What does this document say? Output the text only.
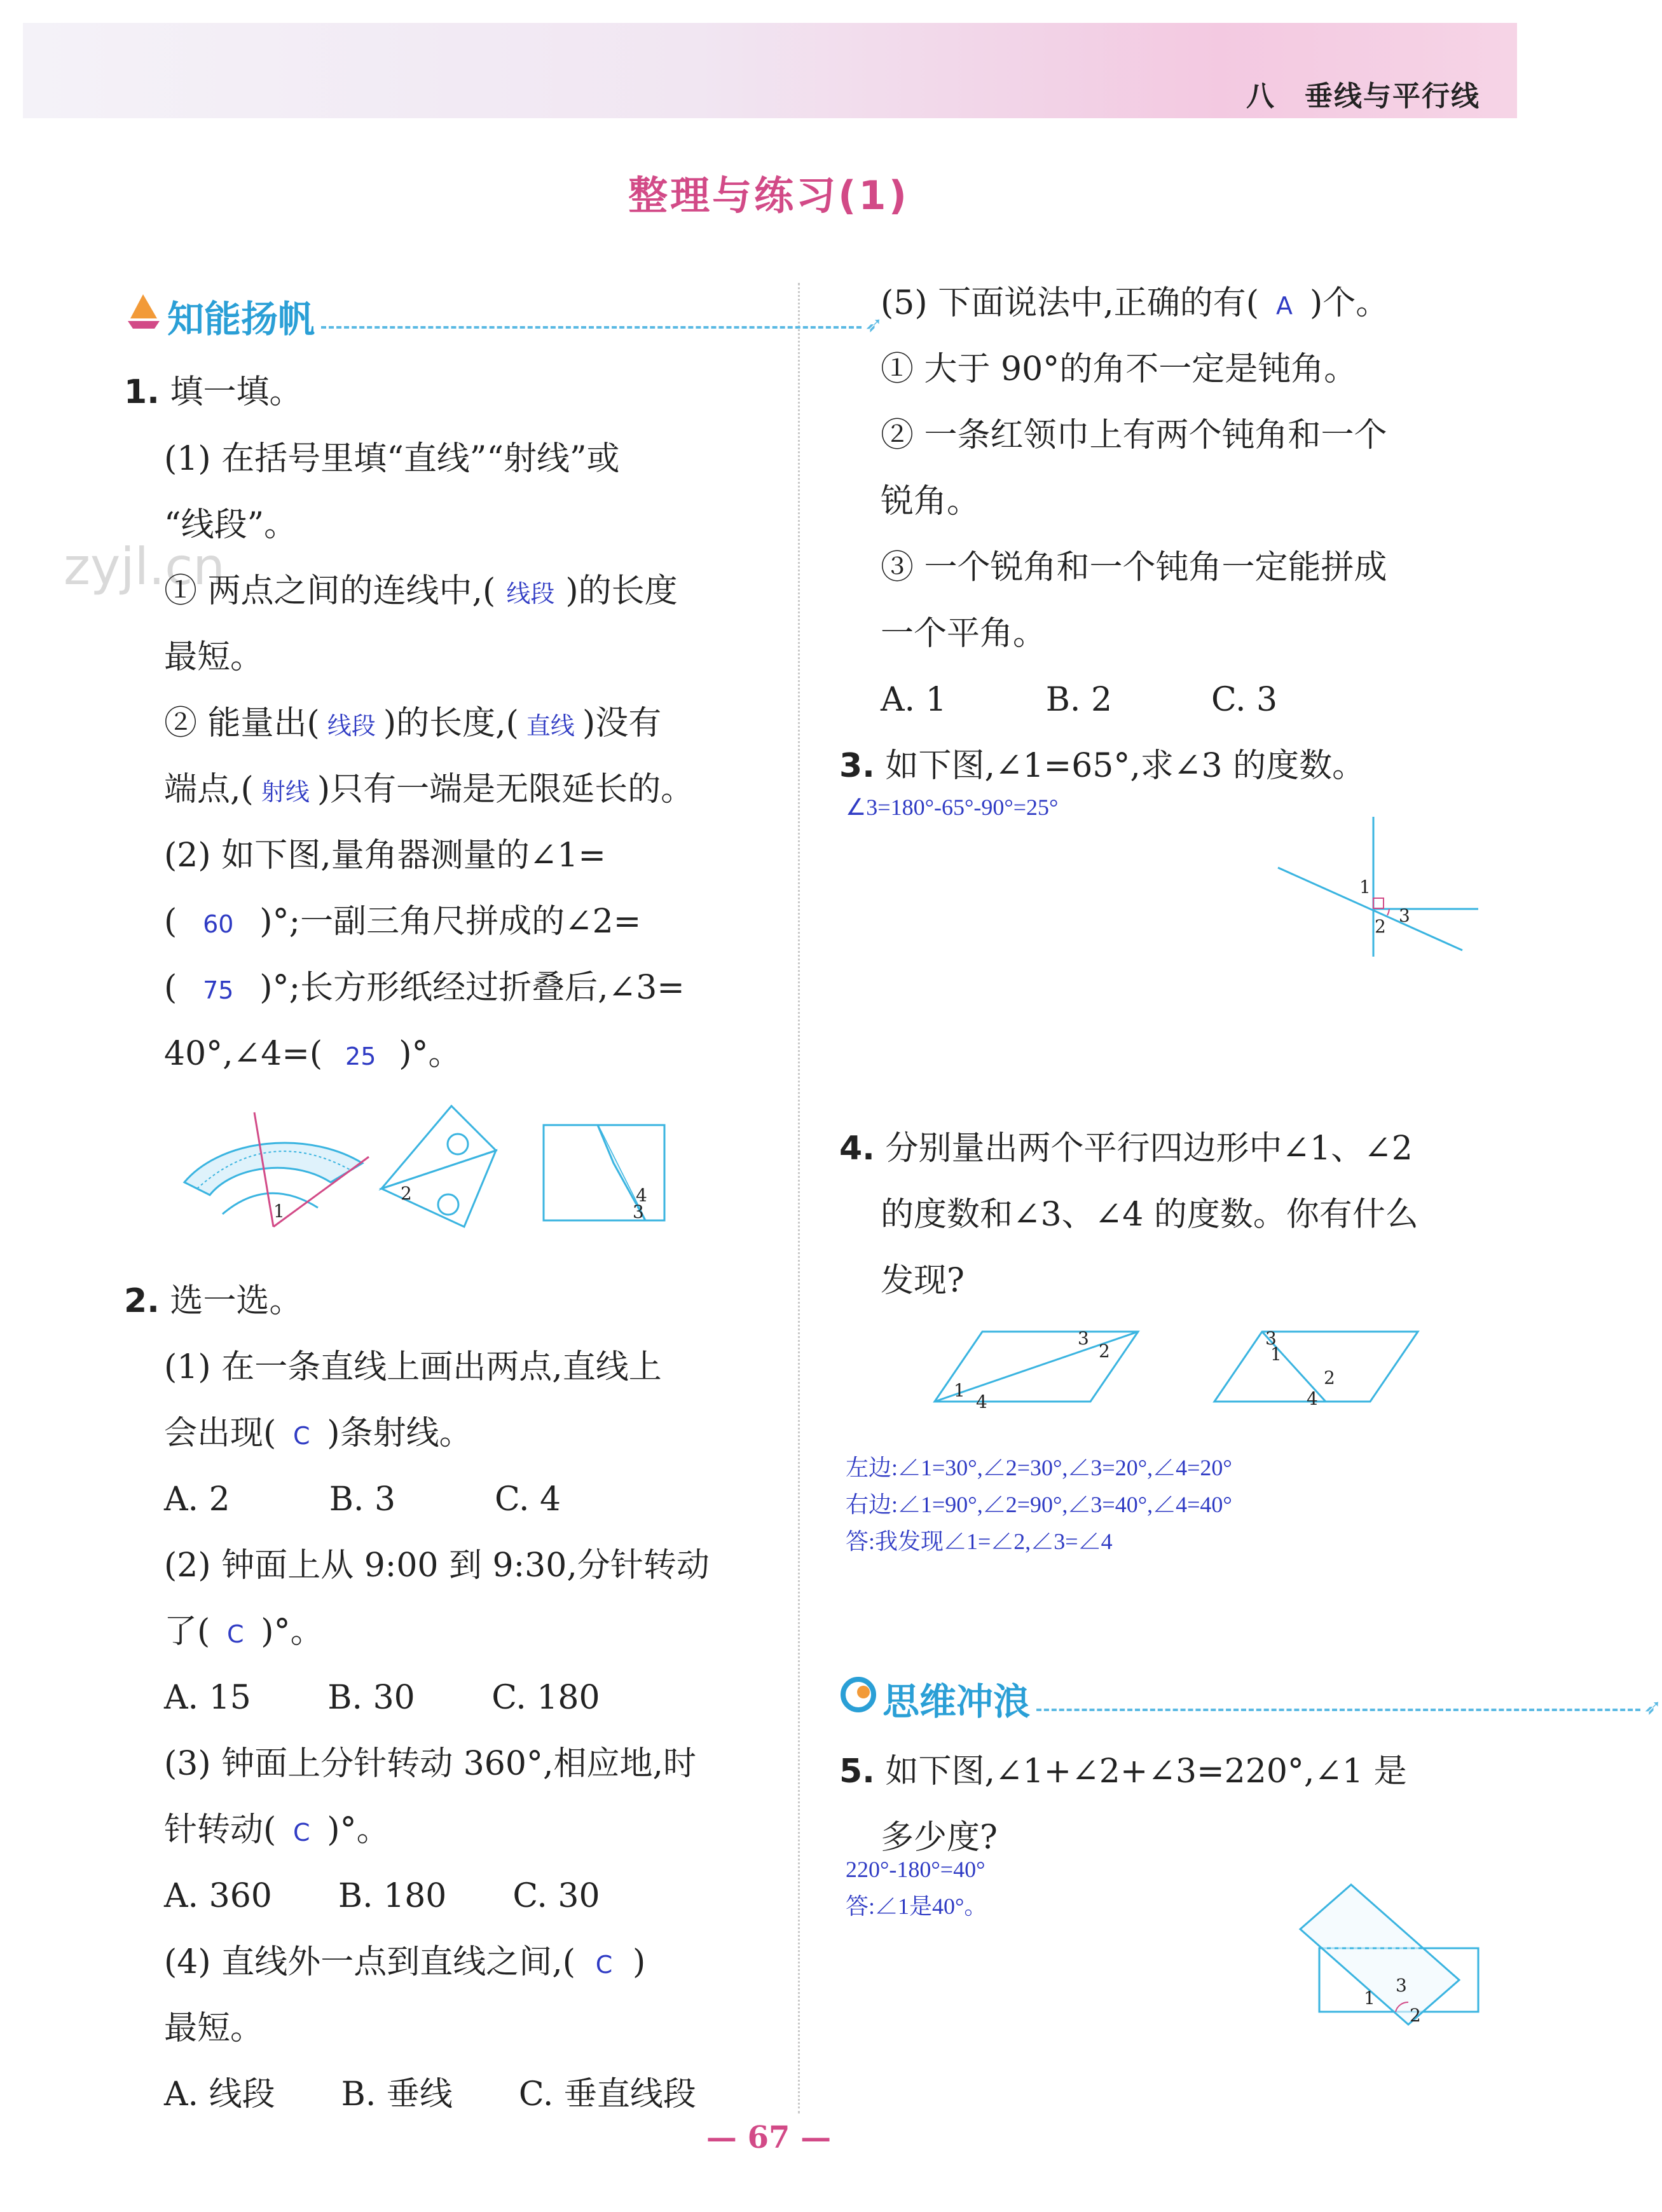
八　垂线与平行线
整理与练习(1)
zyjl.cn
知能扬帆	➶
1. 填一填。
(1) 在括号里填“直线”“射线”或
“线段”。
① 两点之间的连线中,( 线段 )的长度
最短。
② 能量出( 线段 )的长度,( 直线 )没有
端点,( 射线 )只有一端是无限延长的。
(2) 如下图,量角器测量的∠1=
( 60 )°;一副三角尺拼成的∠2=
( 75 )°;长方形纸经过折叠后,∠3=
40°,∠4=( 25 )°。
1
2	4
3
2. 选一选。
(1) 在一条直线上画出两点,直线上
会出现( C )条射线。
A. 2　　　B. 3　　　C. 4
(2) 钟面上从 9:00 到 9:30,分针转动
了( C )°。
A. 15　　 B. 30　　 C. 180
(3) 钟面上分针转动 360°,相应地,时
针转动( C )°。
A. 360　　B. 180　　C. 30
(4) 直线外一点到直线之间,( C )
最短。
A. 线段　　B. 垂线　　C. 垂直线段
(5) 下面说法中,正确的有( A )个。
① 大于 90°的角不一定是钝角。
② 一条红领巾上有两个钝角和一个
锐角。
③ 一个锐角和一个钝角一定能拼成
一个平角。
A. 1　　　B. 2　　　C. 3
3. 如下图,∠1=65°,求∠3 的度数。
∠3=180°-65°-90°=25°
1
2
3
4. 分别量出两个平行四边形中∠1、∠2
的度数和∠3、∠4 的度数。你有什么
发现?
1
4
3
2
3
1
2
4
左边:∠1=30°,∠2=30°,∠3=20°,∠4=20°
右边:∠1=90°,∠2=90°,∠3=40°,∠4=40°
答:我发现∠1=∠2,∠3=∠4
思维冲浪	➶
5. 如下图,∠1+∠2+∠3=220°,∠1 是
多少度?
220°-180°=40°
答:∠1是40°。
1
3
2
— 67 —
